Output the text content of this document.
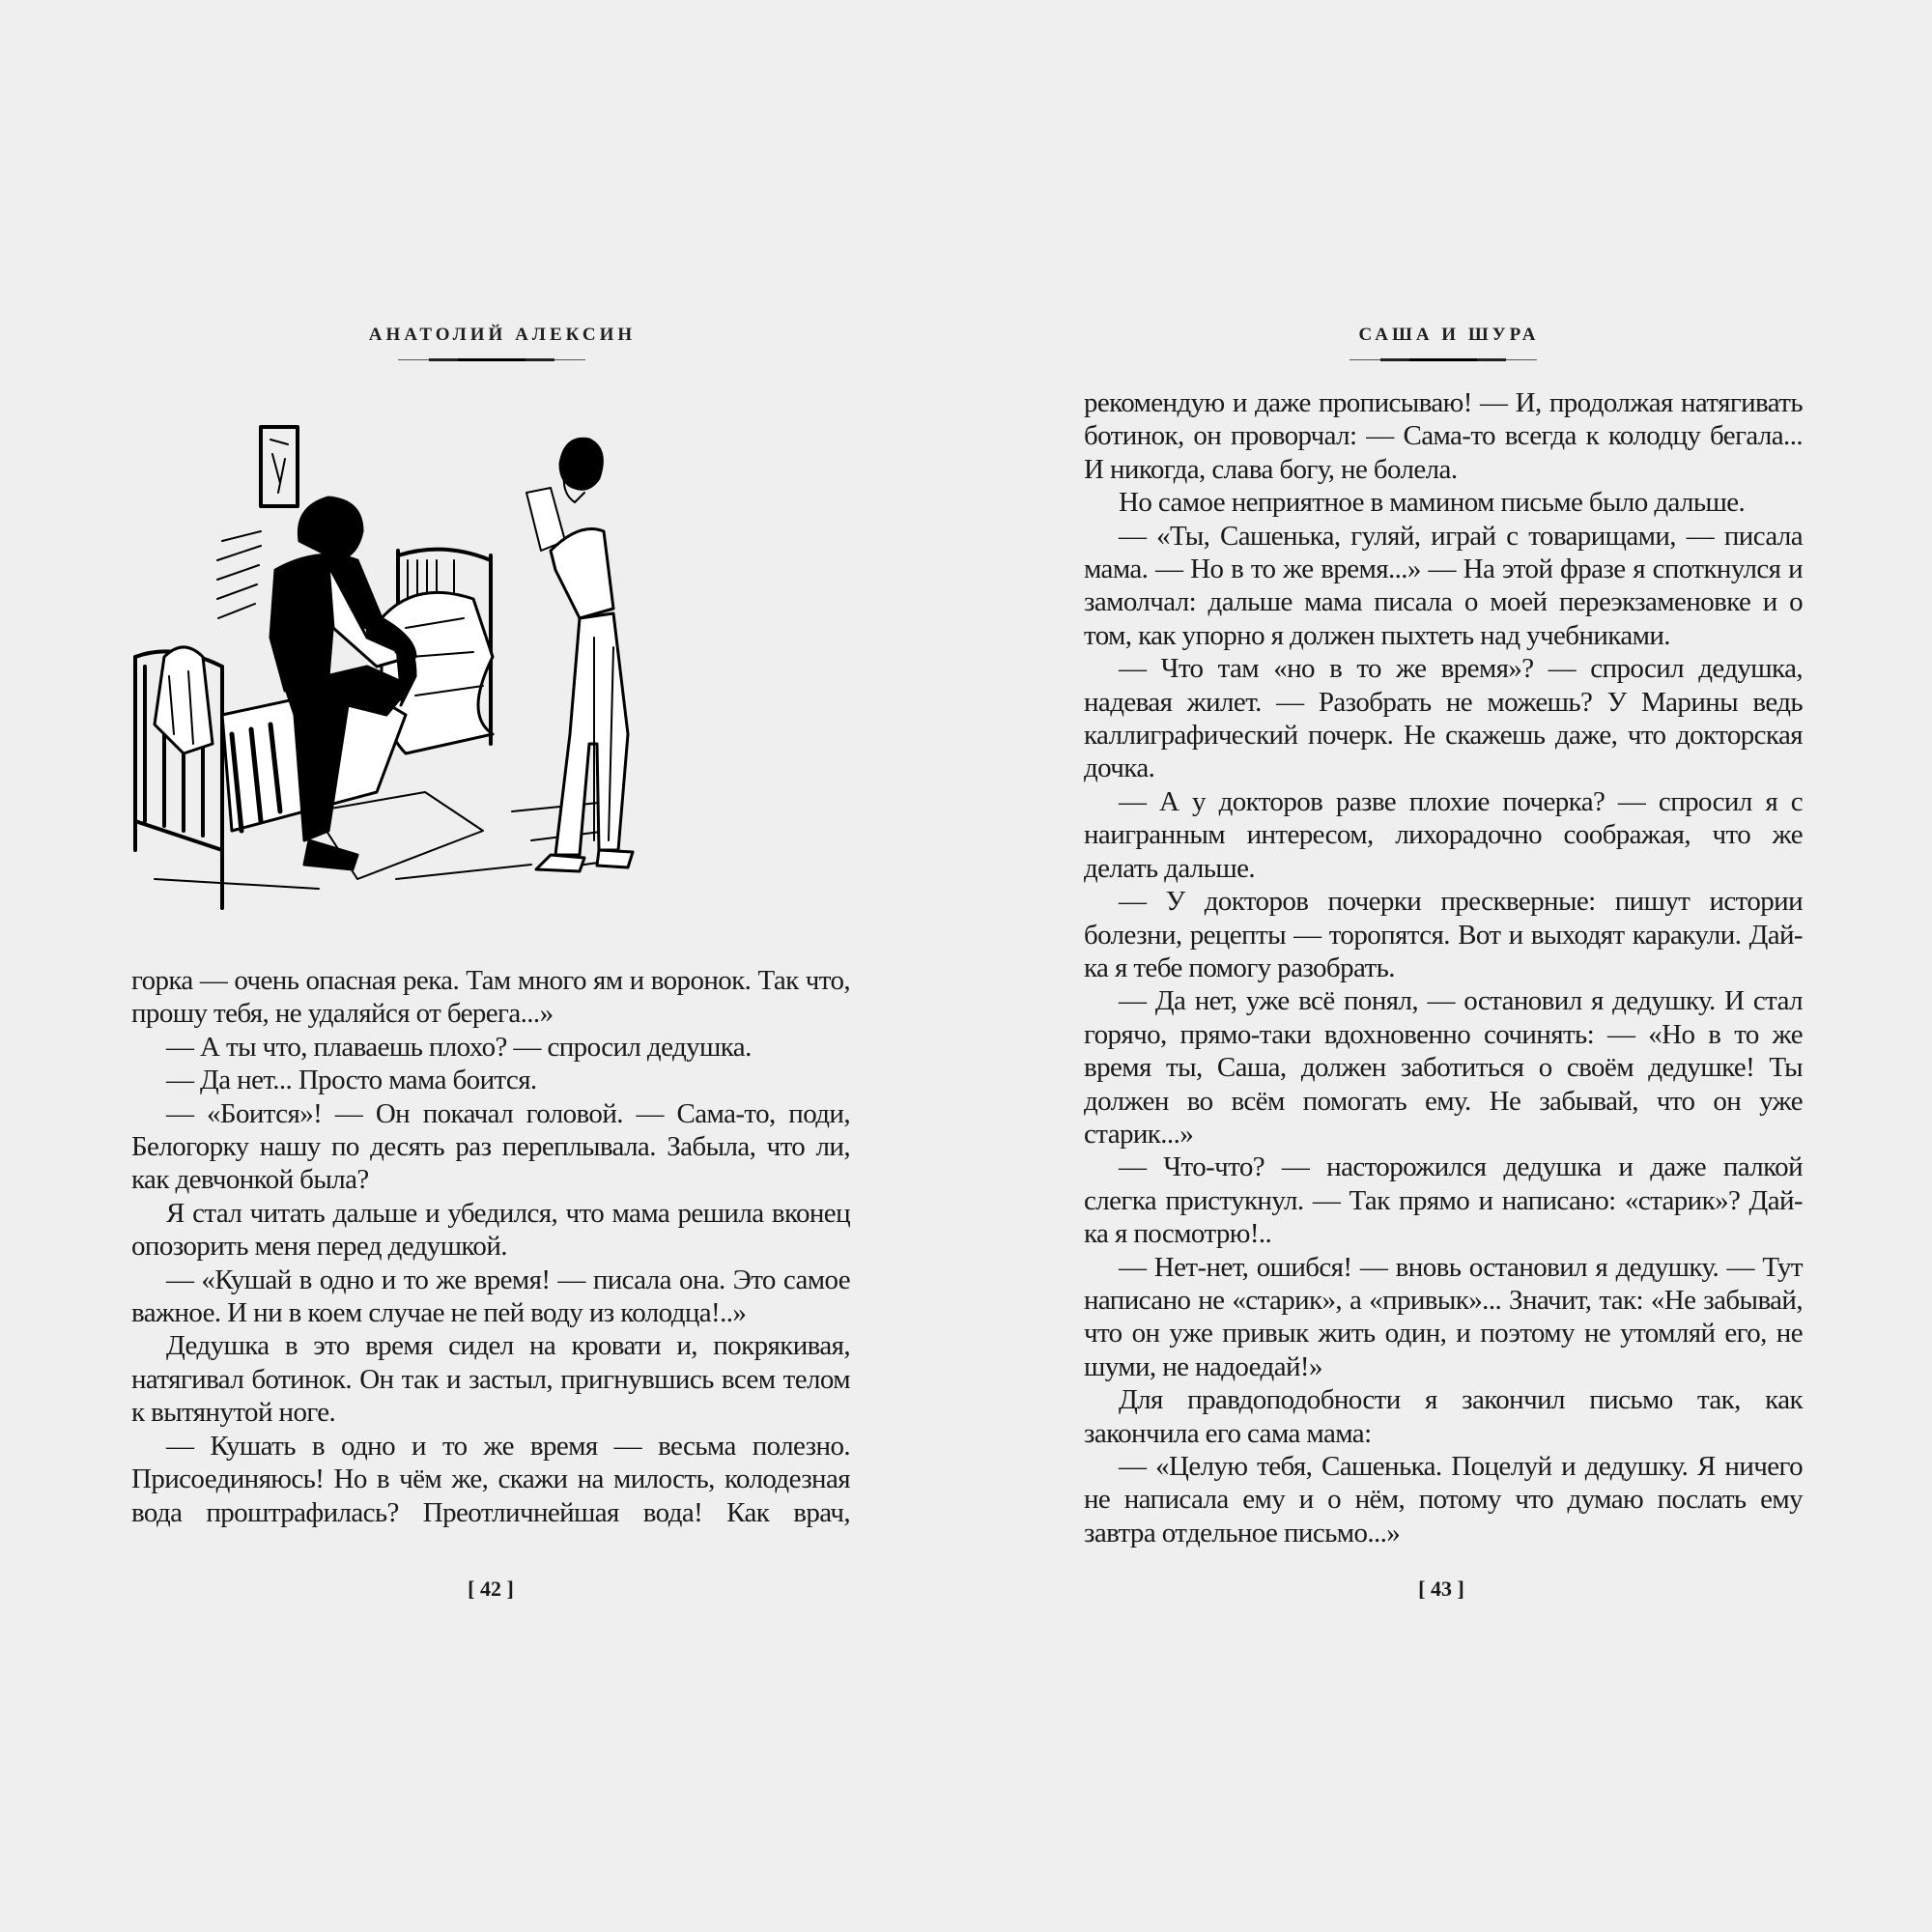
АНАТОЛИЙ АЛЕКСИН

горка — очень опасная река. Там много ям и воронок. Так что, прошу тебя, не удаляйся от берега...»

— А ты что, плаваешь плохо? — спросил дедушка.

— Да нет... Просто мама боится.

— «Боится»! — Он покачал головой. — Сама-то, поди, Белогорку нашу по десять раз переплывала. Забыла, что ли, как девчонкой была?

Я стал читать дальше и убедился, что мама решила вконец опозорить меня перед дедушкой.

— «Кушай в одно и то же время! — писала она. Это самое важное. И ни в коем случае не пей воду из колодца!..»

Дедушка в это время сидел на кровати и, покрякивая, натягивал ботинок. Он так и застыл, пригнувшись всем телом к вытянутой ноге.

— Кушать в одно и то же время — весьма полезно. Присоединяюсь! Но в чём же, скажи на милость, колодезная вода проштрафилась? Преотличнейшая вода! Как врач,

[ 42 ]
САША И ШУРА

рекомендую и даже прописываю! — И, продолжая натягивать ботинок, он проворчал: — Сама-то всегда к колодцу бегала... И никогда, слава богу, не болела.

Но самое неприятное в мамином письме было дальше.

— «Ты, Сашенька, гуляй, играй с товарищами, — писала мама. — Но в то же время...» — На этой фразе я споткнулся и замолчал: дальше мама писала о моей переэкзаменовке и о том, как упорно я должен пыхтеть над учебниками.

— Что там «но в то же время»? — спросил дедушка, надевая жилет. — Разобрать не можешь? У Марины ведь каллиграфический почерк. Не скажешь даже, что докторская дочка.

— А у докторов разве плохие почерка? — спросил я с наигранным интересом, лихорадочно соображая, что же делать дальше.

— У докторов почерки прескверные: пишут истории болезни, рецепты — торопятся. Вот и выходят каракули. Дай-ка я тебе помогу разобрать.

— Да нет, уже всё понял, — остановил я дедушку. И стал горячо, прямо-таки вдохновенно сочинять: — «Но в то же время ты, Саша, должен заботиться о своём дедушке! Ты должен во всём помогать ему. Не забывай, что он уже старик...»

— Что-что? — насторожился дедушка и даже палкой слегка пристукнул. — Так прямо и написано: «старик»? Дай-ка я посмотрю!..

— Нет-нет, ошибся! — вновь остановил я дедушку. — Тут написано не «старик», а «привык»... Значит, так: «Не забывай, что он уже привык жить один, и поэтому не утомляй его, не шуми, не надоедай!»

Для правдоподобности я закончил письмо так, как закончила его сама мама:

— «Целую тебя, Сашенька. Поцелуй и дедушку. Я ничего не написала ему и о нём, потому что думаю послать ему завтра отдельное письмо...»

[ 43 ]
